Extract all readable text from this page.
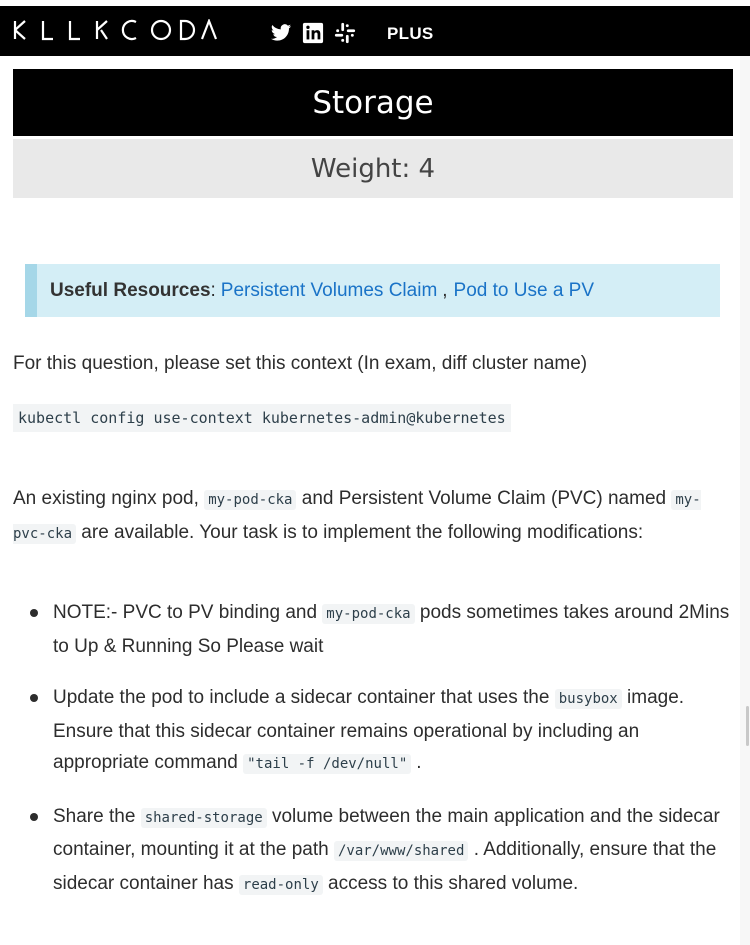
PLUS
Storage
Weight: 4
Useful Resources : Persistent Volumes Claim , Pod to Use a PV
For this question, please set this context (In exam, diff cluster name)
kubectl config use-context kubernetes-admin@kubernetes
An existing nginx pod, my-pod-cka and Persistent Volume Claim (PVC) named my-pvc-cka are available. Your task is to implement the following modifications:
NOTE:- PVC to PV binding and my-pod-cka pods sometimes takes around 2Mins to Up & Running So Please wait
Update the pod to include a sidecar container that uses the busybox image. Ensure that this sidecar container remains operational by including an appropriate command "tail -f /dev/null" .
Share the shared-storage volume between the main application and the sidecar container, mounting it at the path /var/www/shared . Additionally, ensure that the sidecar container has read-only access to this shared volume.
